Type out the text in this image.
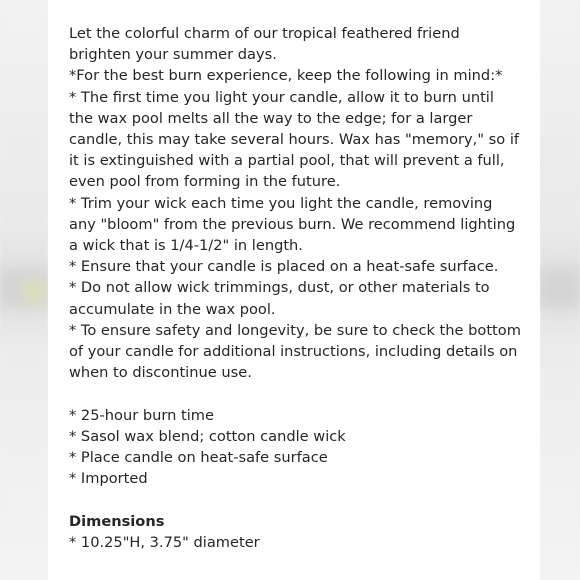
Let the colorful charm of our tropical feathered friend brighten your summer days.

*For the best burn experience, keep the following in mind:*

* The first time you light your candle, allow it to burn until the wax pool melts all the way to the edge; for a larger candle, this may take several hours. Wax has "memory," so if it is extinguished with a partial pool, that will prevent a full, even pool from forming in the future.

* Trim your wick each time you light the candle, removing any "bloom" from the previous burn. We recommend lighting a wick that is 1/4-1/2" in length.

* Ensure that your candle is placed on a heat-safe surface.

* Do not allow wick trimmings, dust, or other materials to accumulate in the wax pool.

* To ensure safety and longevity, be sure to check the bottom of your candle for additional instructions, including details on when to discontinue use.

* 25-hour burn time

* Sasol wax blend; cotton candle wick

* Place candle on heat-safe surface

* Imported

Dimensions

* 10.25"H, 3.75" diameter
